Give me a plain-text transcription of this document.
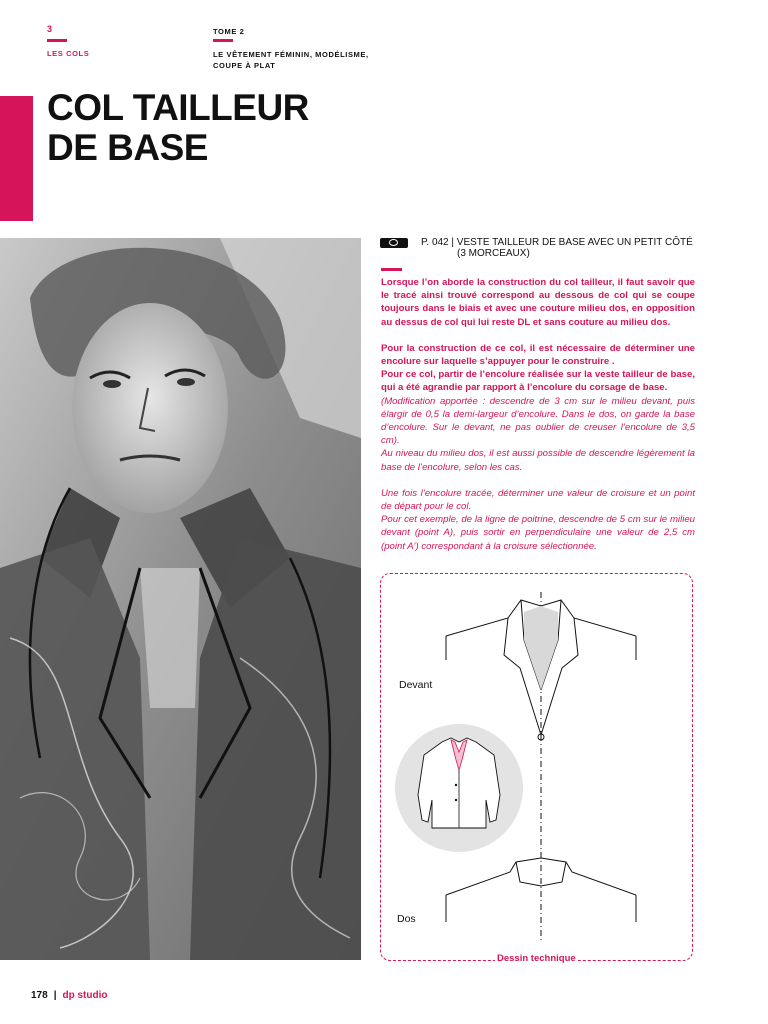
3
LES COLS
TOME 2
LE VÊTEMENT FÉMININ, MODÉLISME,
COUPE À PLAT
COL TAILLEUR
DE BASE
P. 042 | VESTE TAILLEUR DE BASE AVEC UN PETIT CÔTÉ
(3 MORCEAUX)

Lorsque l’on aborde la construction du col tailleur, il faut savoir que le tracé ainsi trouvé correspond au dessous de col qui se coupe toujours dans le biais et avec une couture milieu dos, en opposition au dessus de col qui lui reste DL et sans couture au milieu dos.

Pour la construction de ce col, il est nécessaire de déterminer une encolure sur laquelle s’appuyer pour le construire .

Pour ce col, partir de l’encolure réalisée sur la veste tailleur de base, qui a été agrandie par rapport à l’encolure du corsage de base.

(Modification apportée : descendre de 3 cm sur le milieu devant, puis élargir de 0,5 la demi-largeur d’encolure. Dans le dos, on garde la base d’encolure. Sur le devant, ne pas oublier de creuser l’encolure de 3,5 cm).

Au niveau du milieu dos, il est aussi possible de descendre légèrement la base de l’encolure, selon les cas.

Une fois l’encolure tracée, déterminer une valeur de croisure et un point de départ pour le col.

Pour cet exemple, de la ligne de poitrine, descendre de 5 cm sur le milieu devant (point A), puis sortir en perpendiculaire une valeur de 2,5 cm (point A’) correspondant à la croisure sélectionnée.

Devant
Dos
Dessin technique
178 | dp studio
